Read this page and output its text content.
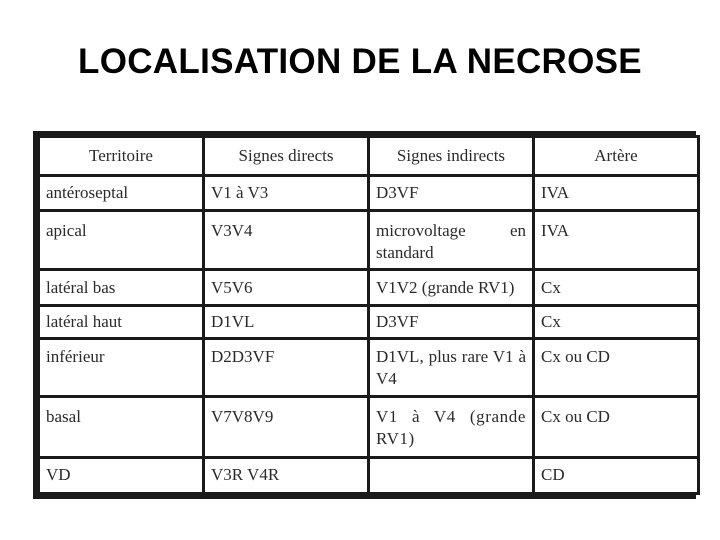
LOCALISATION DE LA NECROSE
Territoire	Signes directs	Signes indirects	Artère
antéroseptal	V1 à V3	D3VF	IVA
apical	V3V4	microvoltage en standard	IVA
latéral bas	V5V6	V1V2 (grande RV1)	Cx
latéral haut	D1VL	D3VF	Cx
inférieur	D2D3VF	D1VL, plus rare V1 à V4	Cx ou CD
basal	V7V8V9	V1 à V4 (grande RV1)	Cx ou CD
VD	V3R V4R		CD
